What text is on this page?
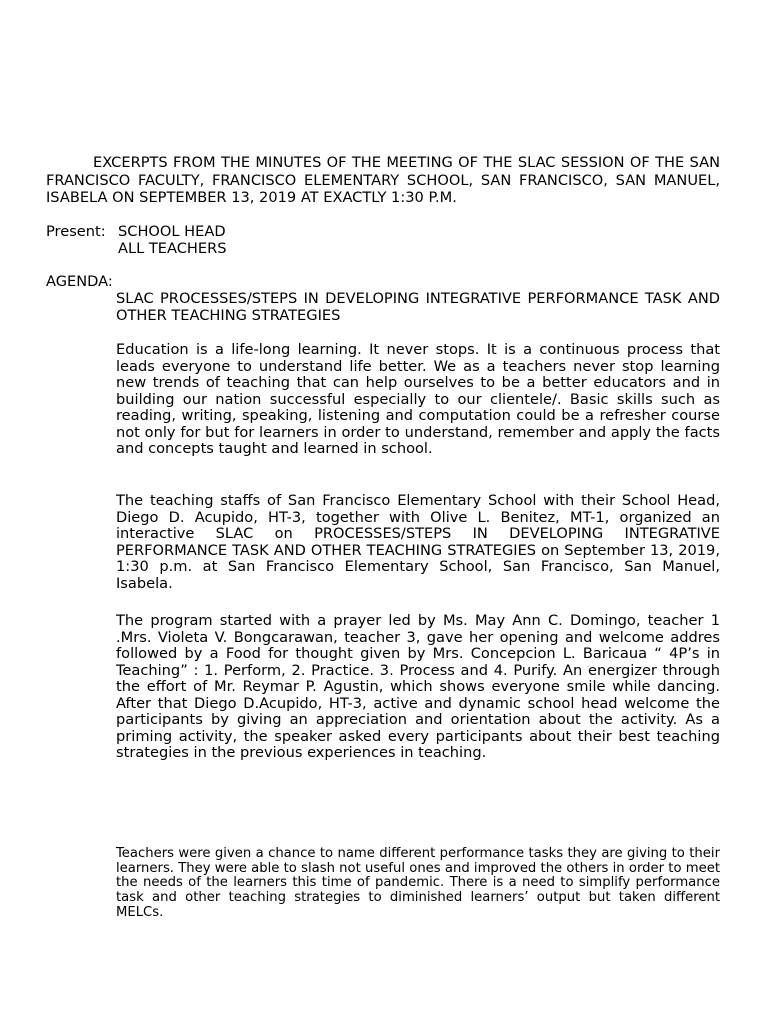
EXCERPTS FROM THE MINUTES OF THE MEETING OF THE SLAC SESSION OF THE SAN FRANCISCO FACULTY, FRANCISCO ELEMENTARY SCHOOL, SAN FRANCISCO, SAN MANUEL, ISABELA ON SEPTEMBER 13, 2019 AT EXACTLY 1:30 P.M.
Present: SCHOOL HEAD
ALL TEACHERS
AGENDA:
SLAC PROCESSES/STEPS IN DEVELOPING INTEGRATIVE PERFORMANCE TASK AND OTHER TEACHING STRATEGIES
Education is a life-long learning. It never stops. It is a continuous process that leads everyone to understand life better. We as a teachers never stop learning new trends of teaching that can help ourselves to be a better educators and in building our nation successful especially to our clientele/. Basic skills such as reading, writing, speaking, listening and computation could be a refresher course not only for but for learners in order to understand, remember and apply the facts and concepts taught and learned in school.
The teaching staffs of San Francisco Elementary School with their School Head, Diego D. Acupido, HT-3, together with Olive L. Benitez, MT-1, organized an interactive SLAC on PROCESSES/STEPS IN DEVELOPING INTEGRATIVE PERFORMANCE TASK AND OTHER TEACHING STRATEGIES on September 13, 2019, 1:30 p.m. at San Francisco Elementary School, San Francisco, San Manuel, Isabela.
The program started with a prayer led by Ms. May Ann C. Domingo, teacher 1 .Mrs. Violeta V. Bongcarawan, teacher 3, gave her opening and welcome addres followed by a Food for thought given by Mrs. Concepcion L. Baricaua “ 4P’s in Teaching” : 1. Perform, 2. Practice. 3. Process and 4. Purify. An energizer through the effort of Mr. Reymar P. Agustin, which shows everyone smile while dancing. After that Diego D.Acupido, HT-3, active and dynamic school head welcome the participants by giving an appreciation and orientation about the activity. As a priming activity, the speaker asked every participants about their best teaching strategies in the previous experiences in teaching.
Teachers were given a chance to name different performance tasks they are giving to their learners. They were able to slash not useful ones and improved the others in order to meet the needs of the learners this time of pandemic. There is a need to simplify performance task and other teaching strategies to diminished learners’ output but taken different MELCs.
